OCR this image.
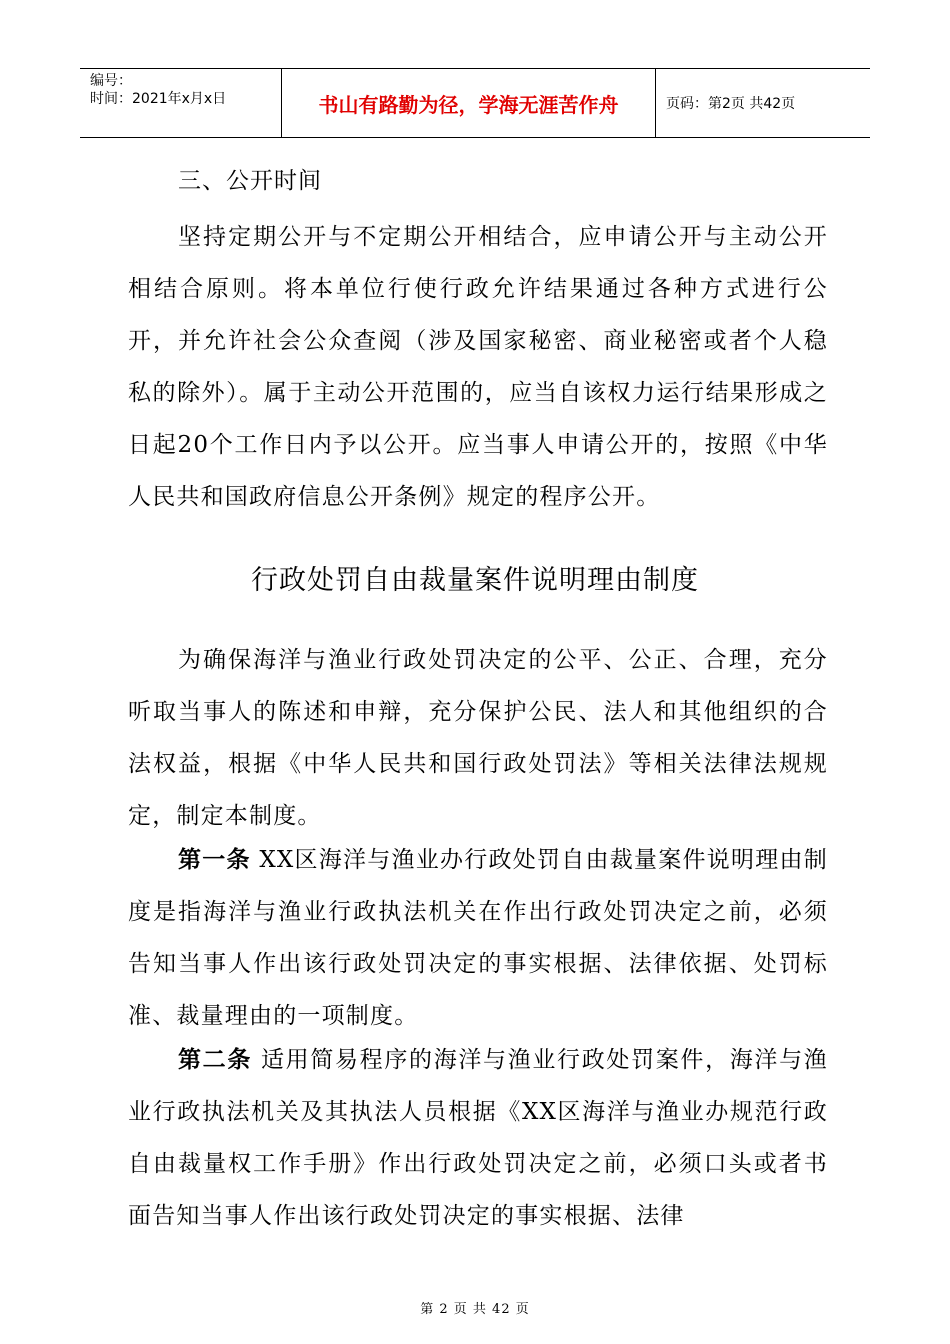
编号：
时间：2021年x月x日	书山有路勤为径，学海无涯苦作舟	页码：第2页 共42页
三、公开时间

坚持定期公开与不定期公开相结合，应申请公开与主动公开相结合原则。将本单位行使行政允许结果通过各种方式进行公开，并允许社会公众查阅（涉及国家秘密、商业秘密或者个人稳私的除外）。属于主动公开范围的，应当自该权力运行结果形成之日起20个工作日内予以公开。应当事人申请公开的，按照《中华人民共和国政府信息公开条例》规定的程序公开。

行政处罚自由裁量案件说明理由制度

为确保海洋与渔业行政处罚决定的公平、公正、合理，充分听取当事人的陈述和申辩，充分保护公民、法人和其他组织的合法权益，根据《中华人民共和国行政处罚法》等相关法律法规规定，制定本制度。

第一条 XX区海洋与渔业办行政处罚自由裁量案件说明理由制度是指海洋与渔业行政执法机关在作出行政处罚决定之前，必须告知当事人作出该行政处罚决定的事实根据、法律依据、处罚标准、裁量理由的一项制度。

第二条 适用简易程序的海洋与渔业行政处罚案件，海洋与渔业行政执法机关及其执法人员根据《XX区海洋与渔业办规范行政自由裁量权工作手册》作出行政处罚决定之前，必须口头或者书面告知当事人作出该行政处罚决定的事实根据、法律

第 2 页 共 42 页
